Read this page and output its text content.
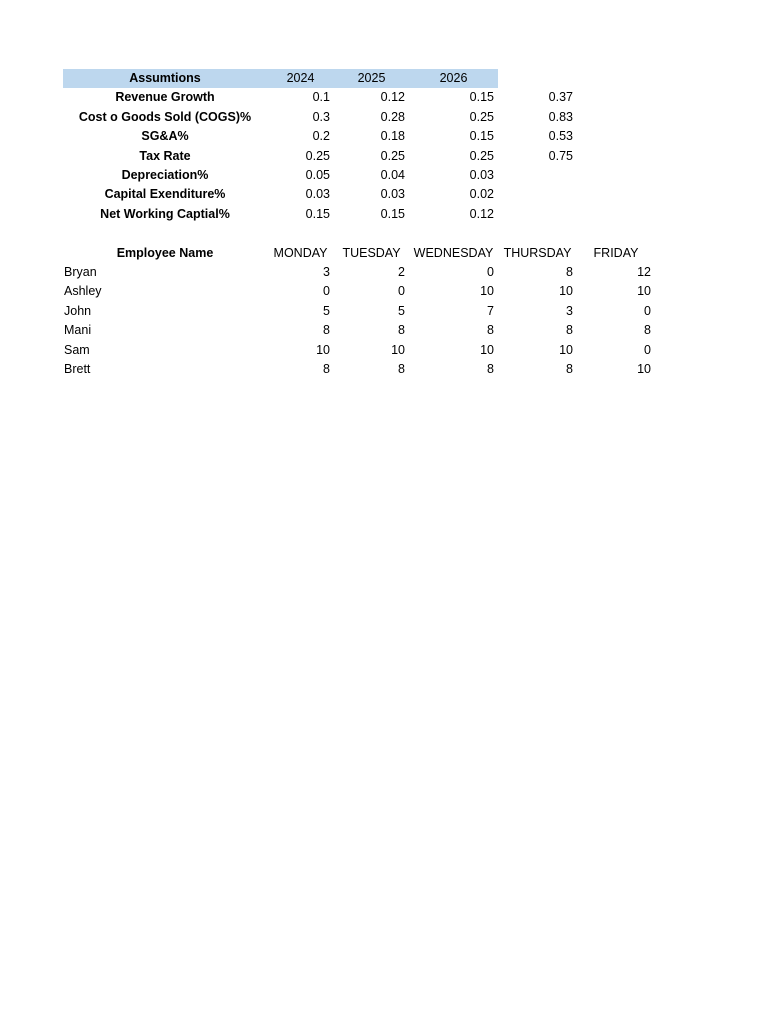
Assumtions	2024	2025	2026		
Revenue Growth	0.1	0.12	0.15	0.37	
Cost o Goods Sold (COGS)%	0.3	0.28	0.25	0.83	
SG&A%	0.2	0.18	0.15	0.53	
Tax Rate	0.25	0.25	0.25	0.75	
Depreciation%	0.05	0.04	0.03		
Capital Exenditure%	0.03	0.03	0.02		
Net Working Captial%	0.15	0.15	0.12		

Employee Name	MONDAY	TUESDAY	WEDNESDAY	THURSDAY	FRIDAY
Bryan	3	2	0	8	12
Ashley	0	0	10	10	10
John	5	5	7	3	0
Mani	8	8	8	8	8
Sam	10	10	10	10	0
Brett	8	8	8	8	10
